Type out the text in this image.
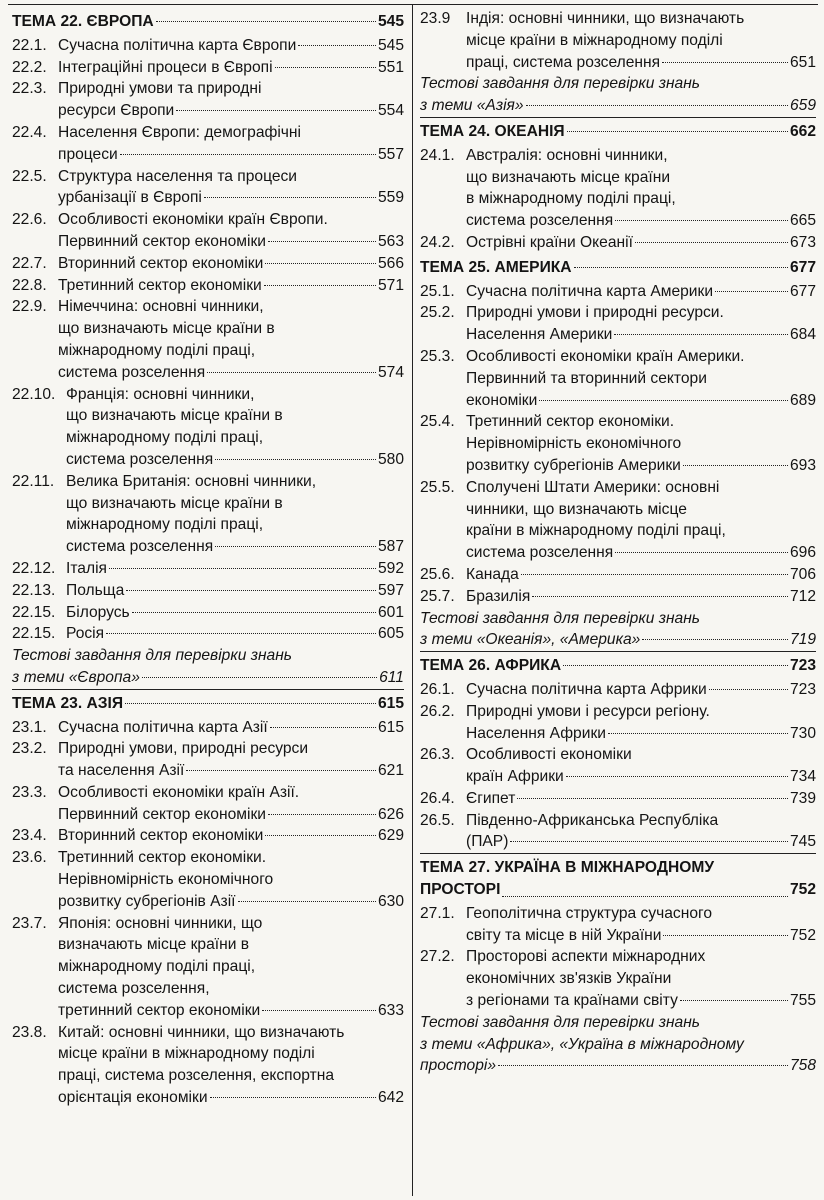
ТЕМА 22. ЄВРОПА	545
22.1. Сучасна політична карта Європи	545
22.2. Інтеграційні процеси в Європі	551
22.3. Природні умови та природні
ресурси Європи	554
22.4. Населення Європи: демографічні
процеси	557
22.5. Структура населення та процеси
урбанізації в Європі	559
22.6. Особливості економіки країн Європи.
Первинний сектор економіки	563
22.7. Вторинний сектор економіки	566
22.8. Третинний сектор економіки	571
22.9. Німеччина: основні чинники,
що визначають місце країни в
міжнародному поділі праці,
система розселення	574
22.10. Франція: основні чинники,
що визначають місце країни в
міжнародному поділі праці,
система розселення	580
22.11. Велика Британія: основні чинники,
що визначають місце країни в
міжнародному поділі праці,
система розселення	587
22.12. Італія	592
22.13. Польща	597
22.15. Білорусь	601
22.15. Росія	605
Тестові завдання для перевірки знань
з теми «Європа»	611
ТЕМА 23. АЗІЯ	615
23.1. Сучасна політична карта Азії	615
23.2. Природні умови, природні ресурси
та населення Азії	621
23.3. Особливості економіки країн Азії.
Первинний сектор економіки	626
23.4. Вторинний сектор економіки	629
23.6. Третинний сектор економіки.
Нерівномірність економічного
розвитку субрегіонів Азії	630
23.7. Японія: основні чинники, що
визначають місце країни в
міжнародному поділі праці,
система розселення,
третинний сектор економіки	633
23.8. Китай: основні чинники, що визначають
місце країни в міжнародному поділі
праці, система розселення, експортна
орієнтація економіки	642
23.9	Індія: основні чинники, що визначають
місце країни в міжнародному поділі
праці, система розселення	651
Тестові завдання для перевірки знань
з теми «Азія»	659
ТЕМА 24. ОКЕАНІЯ	662
24.1. Австралія: основні чинники,
що визначають місце країни
в міжнародному поділі праці,
система розселення	665
24.2. Острівні країни Океанії	673
ТЕМА 25. АМЕРИКА	677
25.1. Сучасна політична карта Америки	677
25.2. Природні умови і природні ресурси.
Населення Америки	684
25.3. Особливості економіки країн Америки.
Первинний та вторинний сектори
економіки	689
25.4. Третинний сектор економіки.
Нерівномірність економічного
розвитку субрегіонів Америки	693
25.5. Сполучені Штати Америки: основні
чинники, що визначають місце
країни в міжнародному поділі праці,
система розселення	696
25.6. Канада	706
25.7. Бразилія	712
Тестові завдання для перевірки знань
з теми «Океанія», «Америка»	719
ТЕМА 26. АФРИКА	723
26.1. Сучасна політична карта Африки	723
26.2. Природні умови і ресурси регіону.
Населення Африки	730
26.3. Особливості економіки
країн Африки	734
26.4. Єгипет	739
26.5. Південно-Африканська Республіка
(ПАР)	745
ТЕМА 27. УКРАЇНА В МІЖНАРОДНОМУ
ПРОСТОРІ	752
27.1. Геополітична структура сучасного
світу та місце в ній України	752
27.2. Просторові аспекти міжнародних
економічних зв'язків України
з регіонами та країнами світу	755
Тестові завдання для перевірки знань
з теми «Африка», «Україна в міжнародному
просторі»	758
